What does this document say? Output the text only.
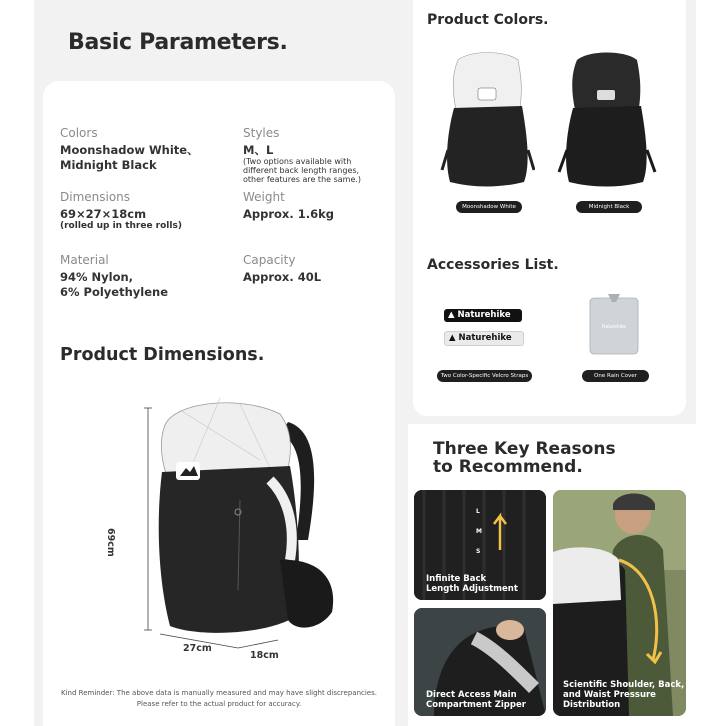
Basic Parameters.
Colors
Moonshadow White、
Midnight Black
Styles
M、L
(Two options available with
different back length ranges,
other features are the same.)
Dimensions
69×27×18cm
(rolled up in three rolls)
Weight
Approx. 1.6kg
Material
94% Nylon,
6% Polyethylene
Capacity
Approx. 40L
Product Dimensions.
69cm
27cm
18cm
Kind Reminder: The above data is manually measured and may have slight discrepancies.
Please refer to the actual product for accuracy.
Product Colors.
Moonshadow White	Midnight Black
Accessories List.
▲ Naturehike
▲ Naturehike
Naturehike
Two Color-Specific Velcro Straps	One Rain Cover
Three Key Reasons
to Recommend.
L
M
S
Infinite Back
Length Adjustment
Direct Access Main
Compartment Zipper
Scientific Shoulder, Back,
and Waist Pressure
Distribution
